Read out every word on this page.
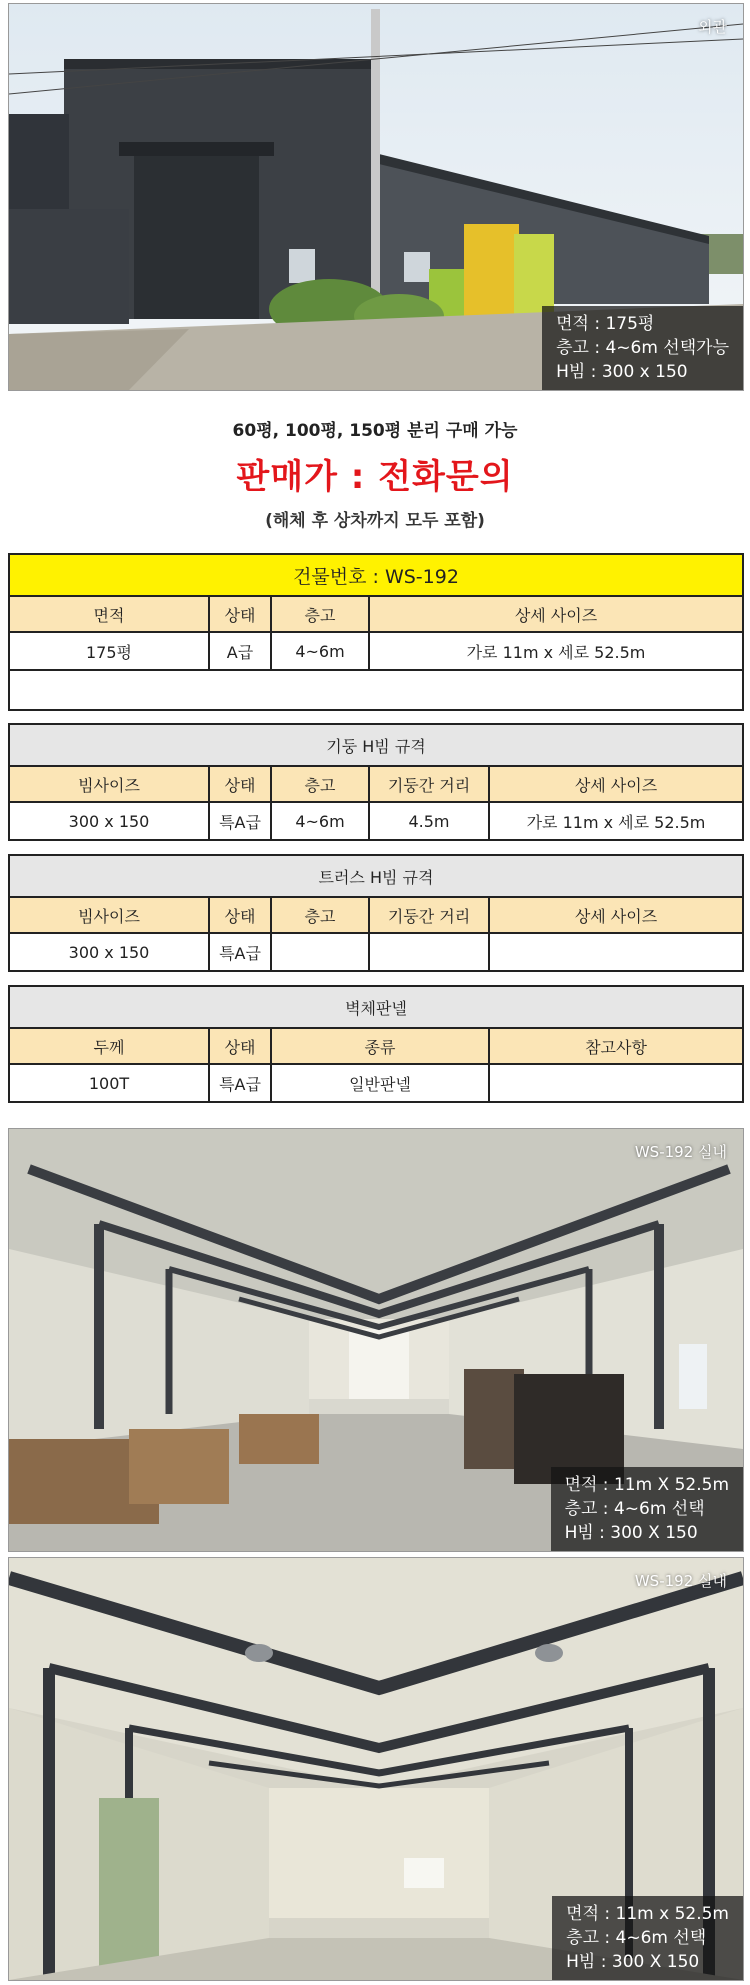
외관
면적 : 175평
층고 : 4~6m 선택가능
H빔 : 300 x 150
60평, 100평, 150평 분리 구매 가능
판매가 : 전화문의
(해체 후 상차까지 모두 포함)
건물번호 : WS-192			
면적	상태	층고	상세 사이즈
175평	A급	4~6m	가로 11m x 세로 52.5m

기둥 H빔 규격				
빔사이즈	상태	층고	기둥간 거리	상세 사이즈
300 x 150	특A급	4~6m	4.5m	가로 11m x 세로 52.5m
트러스 H빔 규격				
빔사이즈	상태	층고	기둥간 거리	상세 사이즈
300 x 150	특A급			
벽체판넬			
두께	상태	종류	참고사항
100T	특A급	일반판넬	
WS-192 실내
면적 : 11m X 52.5m
층고 : 4~6m 선택
H빔 : 300 X 150
WS-192 실내
면적 : 11m x 52.5m
층고 : 4~6m 선택
H빔 : 300 X 150
